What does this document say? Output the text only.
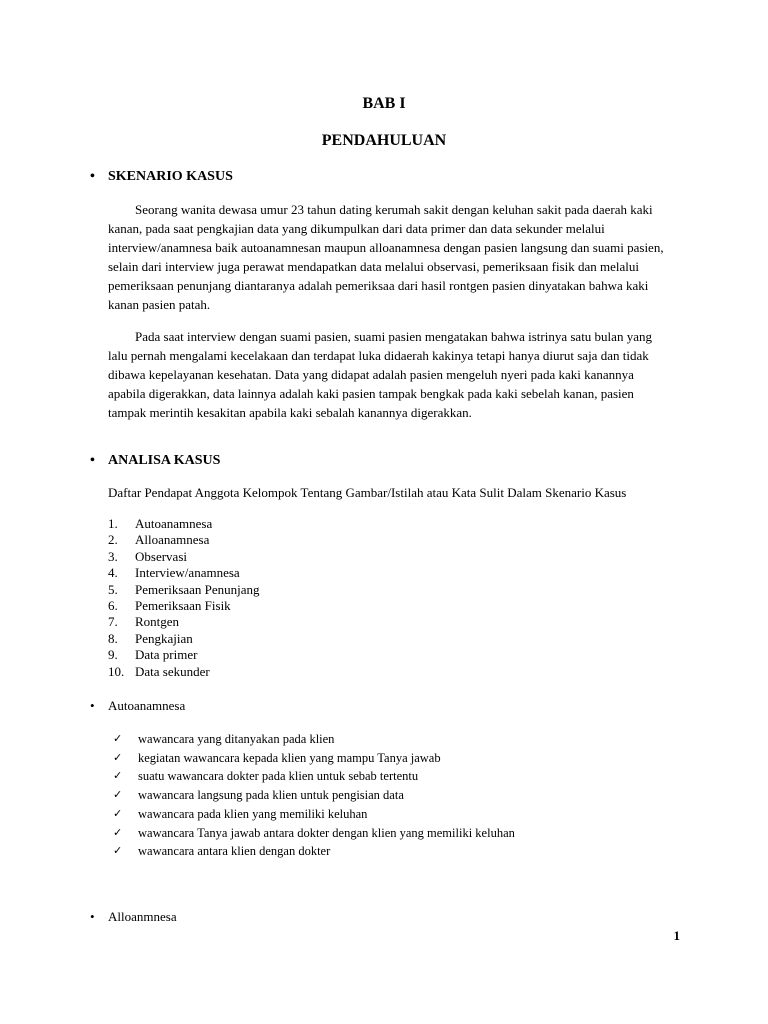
BAB I
PENDAHULUAN
• SKENARIO KASUS

Seorang wanita dewasa umur 23 tahun dating kerumah sakit dengan keluhan sakit pada daerah kaki kanan, pada saat pengkajian data yang dikumpulkan dari data primer dan data sekunder melalui interview/anamnesa baik autoanamnesan maupun alloanamnesa dengan pasien langsung dan suami pasien, selain dari interview juga perawat mendapatkan data melalui observasi, pemeriksaan fisik dan melalui pemeriksaan penunjang diantaranya adalah pemeriksaa dari hasil rontgen pasien dinyatakan bahwa kaki kanan pasien patah.

Pada saat interview dengan suami pasien, suami pasien mengatakan bahwa istrinya satu bulan yang lalu pernah mengalami kecelakaan dan terdapat luka didaerah kakinya tetapi hanya diurut saja dan tidak dibawa kepelayanan kesehatan. Data yang didapat adalah pasien mengeluh nyeri pada kaki kanannya apabila digerakkan, data lainnya adalah kaki pasien tampak bengkak pada kaki sebelah kanan, pasien tampak merintih kesakitan apabila kaki sebalah kanannya digerakkan.

• ANALISA KASUS
Daftar Pendapat Anggota Kelompok Tentang Gambar/Istilah atau Kata Sulit Dalam Skenario Kasus
1.	Autoanamnesa
2.	Alloanamnesa
3.	Observasi
4.	Interview/anamnesa
5.	Pemeriksaan Penunjang
6.	Pemeriksaan Fisik
7.	Rontgen
8.	Pengkajian
9.	Data primer
10. Data sekunder
• Autoanamnesa
✓	wawancara yang ditanyakan pada klien
✓	kegiatan wawancara kepada klien yang mampu Tanya jawab
✓	suatu wawancara dokter pada klien untuk sebab tertentu
✓	wawancara langsung pada klien untuk pengisian data
✓	wawancara pada klien yang memiliki keluhan
✓	wawancara Tanya jawab antara dokter dengan klien yang memiliki keluhan
✓	wawancara antara klien dengan dokter
• Alloanmnesa
1
